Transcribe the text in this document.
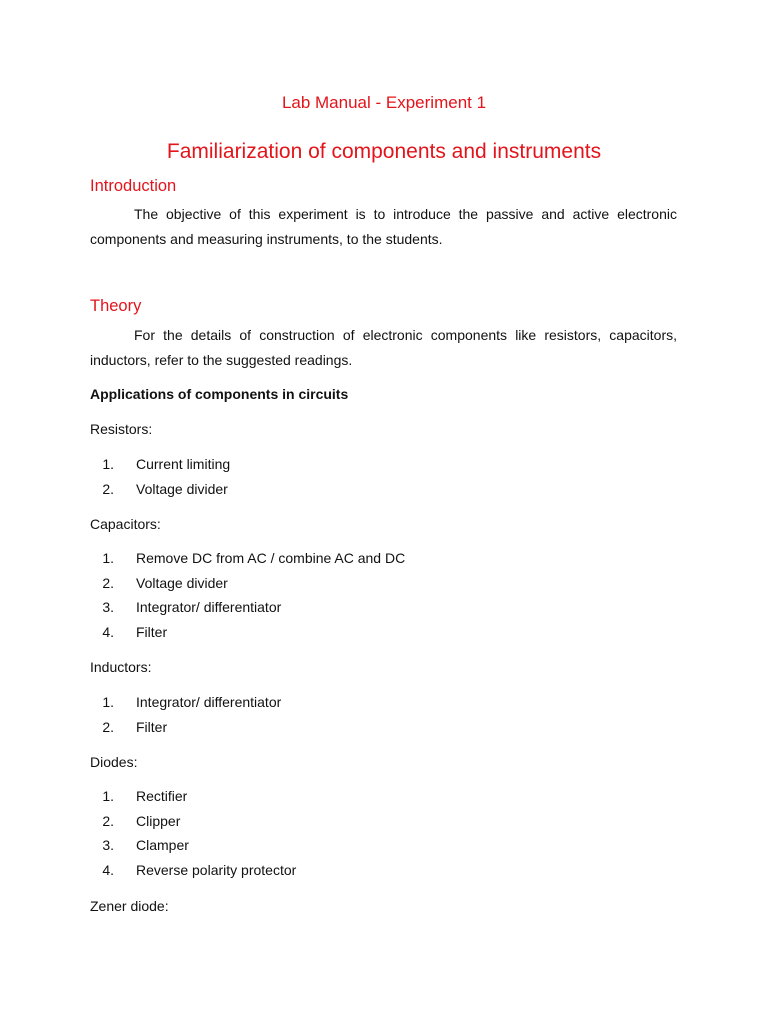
Lab Manual - Experiment 1
Familiarization of components and instruments
Introduction
The objective of this experiment is to introduce the passive and active electronic components and measuring instruments, to the students.
Theory
For the details of construction of electronic components like resistors, capacitors, inductors, refer to the suggested readings.
Applications of components in circuits
Resistors:
1. Current limiting
2. Voltage divider
Capacitors:
1. Remove DC from AC / combine AC and DC
2. Voltage divider
3. Integrator/ differentiator
4. Filter
Inductors:
1. Integrator/ differentiator
2. Filter
Diodes:
1. Rectifier
2. Clipper
3. Clamper
4. Reverse polarity protector
Zener diode:
